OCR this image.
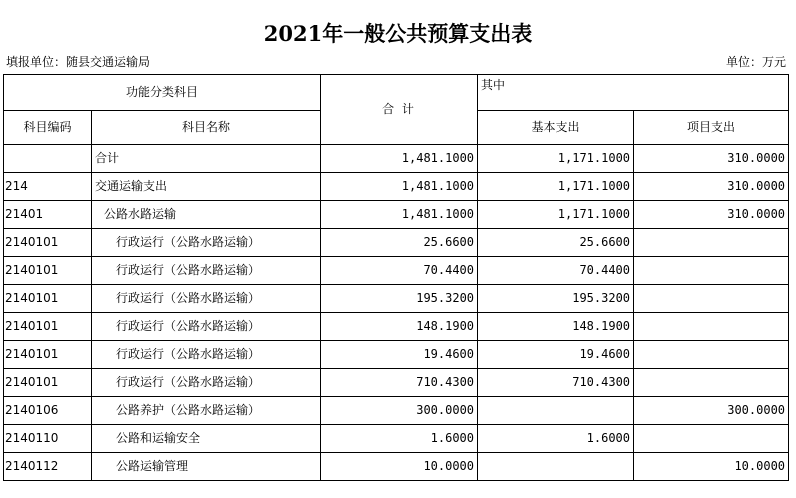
2021年一般公共预算支出表
填报单位：随县交通运输局	单位：万元
功能分类科目		合 计	其中	
科目编码	科目名称		基本支出	项目支出
	合计	1,481.1000	1,171.1000	310.0000
214	交通运输支出	1,481.1000	1,171.1000	310.0000
21401	公路水路运输	1,481.1000	1,171.1000	310.0000
2140101	行政运行（公路水路运输）	25.6600	25.6600	
2140101	行政运行（公路水路运输）	70.4400	70.4400	
2140101	行政运行（公路水路运输）	195.3200	195.3200	
2140101	行政运行（公路水路运输）	148.1900	148.1900	
2140101	行政运行（公路水路运输）	19.4600	19.4600	
2140101	行政运行（公路水路运输）	710.4300	710.4300	
2140106	公路养护（公路水路运输）	300.0000		300.0000
2140110	公路和运输安全	1.6000	1.6000	
2140112	公路运输管理	10.0000		10.0000
